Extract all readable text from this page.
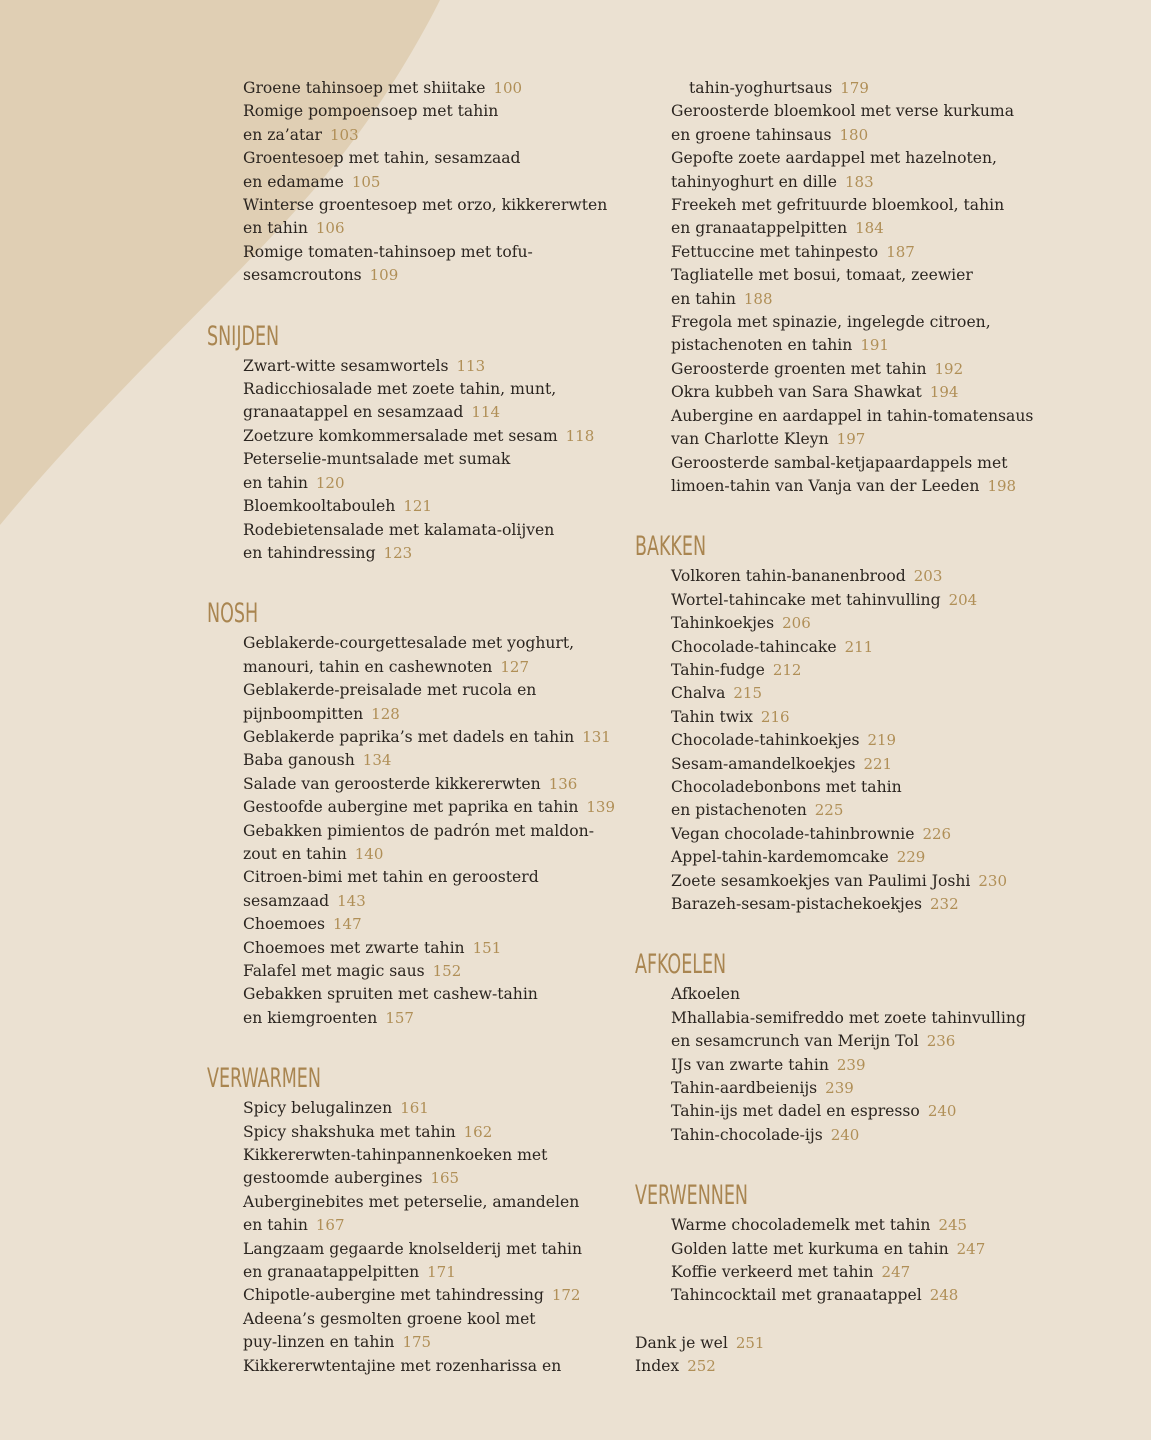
Groene tahinsoep met shiitake 100
Romige pompoensoep met tahin
en za’atar 103
Groentesoep met tahin, sesamzaad
en edamame 105
Winterse groentesoep met orzo, kikkererwten
en tahin 106
Romige tomaten-tahinsoep met tofu-
sesamcroutons 109
SNIJDEN
Zwart-witte sesamwortels 113
Radicchiosalade met zoete tahin, munt,
granaatappel en sesamzaad 114
Zoetzure komkommersalade met sesam 118
Peterselie-muntsalade met sumak
en tahin 120
Bloemkooltabouleh 121
Rodebietensalade met kalamata-olijven
en tahindressing 123
NOSH
Geblakerde-courgettesalade met yoghurt,
manouri, tahin en cashewnoten 127
Geblakerde-preisalade met rucola en
pijnboompitten 128
Geblakerde paprika’s met dadels en tahin 131
Baba ganoush 134
Salade van geroosterde kikkererwten 136
Gestoofde aubergine met paprika en tahin 139
Gebakken pimientos de padrón met maldon-
zout en tahin 140
Citroen-bimi met tahin en geroosterd
sesamzaad 143
Choemoes 147
Choemoes met zwarte tahin 151
Falafel met magic saus 152
Gebakken spruiten met cashew-tahin
en kiemgroenten 157
VERWARMEN
Spicy belugalinzen 161
Spicy shakshuka met tahin 162
Kikkererwten-tahinpannenkoeken met
gestoomde aubergines 165
Auberginebites met peterselie, amandelen
en tahin 167
Langzaam gegaarde knolselderij met tahin
en granaatappelpitten 171
Chipotle-aubergine met tahindressing 172
Adeena’s gesmolten groene kool met
puy-linzen en tahin 175
Kikkererwtentajine met rozenharissa en
tahin-yoghurtsaus 179
Geroosterde bloemkool met verse kurkuma
en groene tahinsaus 180
Gepofte zoete aardappel met hazelnoten,
tahinyoghurt en dille 183
Freekeh met gefrituurde bloemkool, tahin
en granaatappelpitten 184
Fettuccine met tahinpesto 187
Tagliatelle met bosui, tomaat, zeewier
en tahin 188
Fregola met spinazie, ingelegde citroen,
pistachenoten en tahin 191
Geroosterde groenten met tahin 192
Okra kubbeh van Sara Shawkat 194
Aubergine en aardappel in tahin-tomatensaus
van Charlotte Kleyn 197
Geroosterde sambal-ketjapaardappels met
limoen-tahin van Vanja van der Leeden 198
BAKKEN
Volkoren tahin-bananenbrood 203
Wortel-tahincake met tahinvulling 204
Tahinkoekjes 206
Chocolade-tahincake 211
Tahin-fudge 212
Chalva 215
Tahin twix 216
Chocolade-tahinkoekjes 219
Sesam-amandelkoekjes 221
Chocoladebonbons met tahin
en pistachenoten 225
Vegan chocolade-tahinbrownie 226
Appel-tahin-kardemomcake 229
Zoete sesamkoekjes van Paulimi Joshi 230
Barazeh-sesam-pistachekoekjes 232
AFKOELEN
Afkoelen
Mhallabia-semifreddo met zoete tahinvulling
en sesamcrunch van Merijn Tol 236
IJs van zwarte tahin 239
Tahin-aardbeienijs 239
Tahin-ijs met dadel en espresso 240
Tahin-chocolade-ijs 240
VERWENNEN
Warme chocolademelk met tahin 245
Golden latte met kurkuma en tahin 247
Koffie verkeerd met tahin 247
Tahincocktail met granaatappel 248
Dank je wel 251
Index 252
